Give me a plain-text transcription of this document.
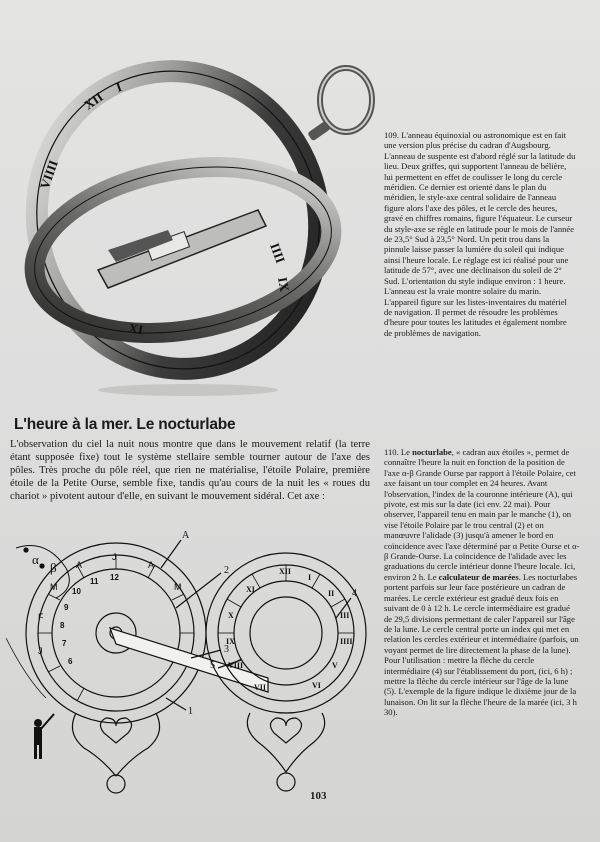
XII
I
VIIII
IIII
IX
XI
109. L'anneau équinoxial ou astronomique est en fait une version plus précise du cadran d'Augsbourg. L'anneau de suspente est d'abord réglé sur la latitude du lieu. Deux griffes, qui supportent l'anneau de bélière, lui permettent en effet de coulisser le long du cercle méridien. Ce dernier est orienté dans le plan du méridien, le style-axe central solidaire de l'anneau figure alors l'axe des pôles, et le cercle des heures, gravé en chiffres romains, figure l'équateur. Le curseur du style-axe se règle en latitude pour le mois de l'année de 23,5° Sud à 23,5° Nord. Un petit trou dans la pinnule laisse passer la lumière du soleil qui indique ainsi l'heure locale. Le réglage est ici réalisé pour une latitude de 57°, avec une déclinaison du soleil de 2° Sud. L'orientation du style indique environ : 1 heure. L'anneau est la vraie montre solaire du marin. L'appareil figure sur les listes-inventaires du matériel de navigation. Il permet de résoudre les problèmes d'heure pour toutes les latitudes et également nombre de problèmes de navigation.
L'heure à la mer. Le nocturlabe
L'observation du ciel la nuit nous montre que dans le mouvement relatif (la terre étant supposée fixe) tout le système stellaire semble tourner autour de l'axe des pôles. Très proche du pôle réel, que rien ne matérialise, l'étoile Polaire, première étoile de la Petite Ourse, semble fixe, tandis qu'au cours de la nuit les « roues du chariot » pivotent autour d'elle, en suivant le mouvement sidéral. Cet axe :
110. Le nocturlabe, « cadran aux étoiles », permet de connaître l'heure la nuit en fonction de la position de l'axe α-β Grande Ourse par rapport à l'étoile Polaire, cet axe faisant un tour complet en 24 heures. Avant l'observation, l'index de la couronne intérieure (A), qui pivote, est mis sur la date (ici env. 22 mai). Pour observer, l'appareil tenu en main par le manche (1), on vise l'étoile Polaire par le trou central (2) et on manœuvre l'alidade (3) jusqu'à amener le bord en coïncidence avec l'axe déterminé par α Petite Ourse et α-β Grande-Ourse. La coïncidence de l'alidade avec les graduations du cercle intérieur donne l'heure locale. Ici, environ 2 h. Le calculateur de marées. Les nocturlabes portent parfois sur leur face postérieure un cadran de marées. Le cercle extérieur est gradué deux fois en suivant de 0 à 12 h. Le cercle intermédiaire est gradué de 29,5 divisions permettant de caler l'appareil sur l'âge de la lune. Le cercle central porte un index qui met en relation les cercles extérieur et intermédiaire (parfois, un voyant permet de lire directement la phase de la lune). Pour l'utilisation : mettre la flèche du cercle intermédiaire (4) sur l'établissement du port, (ici, 6 h) ; mettre la flèche du cercle intérieur sur l'âge de la lune (5). L'exemple de la figure indique le dixième jour de la lunaison. On lit sur la flèche l'heure de la marée (ici, 3 h 30).
A
2
3
1
4
5
α
β
J
A
M
A
M
F
J
12
11
10
9
8
7
6
XII
I
II
III
IIII
V
VI
VII
VIII
IX
X
XI
103
